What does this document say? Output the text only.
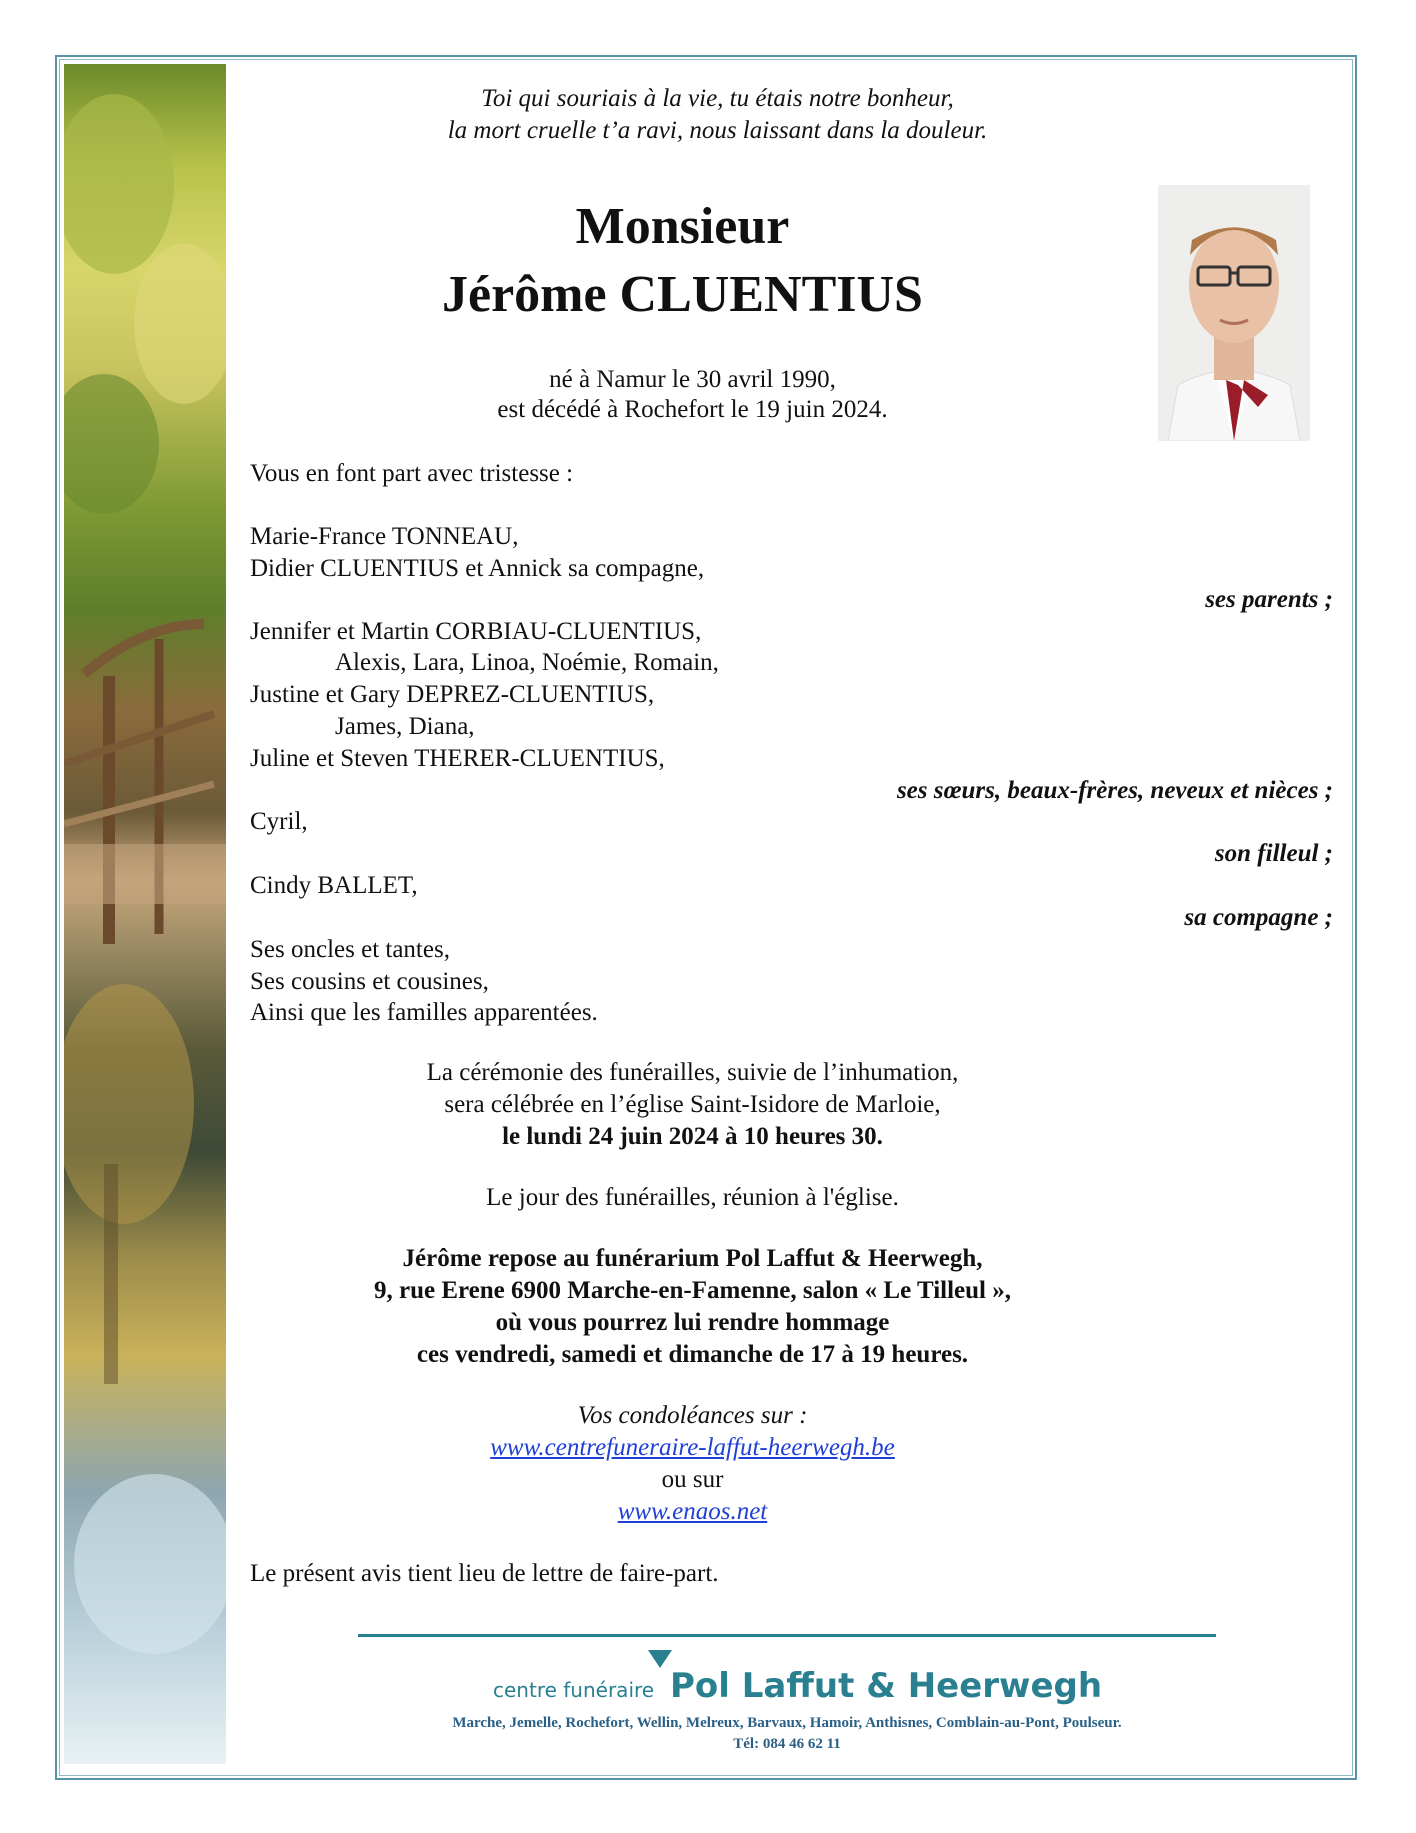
Toi qui souriais à la vie, tu étais notre bonheur,
la mort cruelle t’a ravi, nous laissant dans la douleur.
Monsieur
Jérôme CLUENTIUS
né à Namur le 30 avril 1990,
est décédé à Rochefort le 19 juin 2024.
Vous en font part avec tristesse :
Marie-France TONNEAU,
Didier CLUENTIUS et Annick sa compagne,
ses parents ;
Jennifer et Martin CORBIAU-CLUENTIUS,
Alexis, Lara, Linoa, Noémie, Romain,
Justine et Gary DEPREZ-CLUENTIUS,
James, Diana,
Juline et Steven THERER-CLUENTIUS,
ses sœurs, beaux-frères, neveux et nièces ;
Cyril,
son filleul ;
Cindy BALLET,
sa compagne ;
Ses oncles et tantes,
Ses cousins et cousines,
Ainsi que les familles apparentées.
La cérémonie des funérailles, suivie de l’inhumation,
sera célébrée en l’église Saint-Isidore de Marloie,
le lundi 24 juin 2024 à 10 heures 30.
Le jour des funérailles, réunion à l'église.
Jérôme repose au funérarium Pol Laffut & Heerwegh,
9, rue Erene 6900 Marche-en-Famenne, salon « Le Tilleul »,
où vous pourrez lui rendre hommage
ces vendredi, samedi et dimanche de 17 à 19 heures.
Vos condoléances sur :
www.centrefuneraire-laffut-heerwegh.be
ou sur
www.enaos.net
Le présent avis tient lieu de lettre de faire-part.
centre funéraire Pol Laffut & Heerwegh
Marche, Jemelle, Rochefort, Wellin, Melreux, Barvaux, Hamoir, Anthisnes, Comblain-au-Pont, Poulseur.
Tél: 084 46 62 11
